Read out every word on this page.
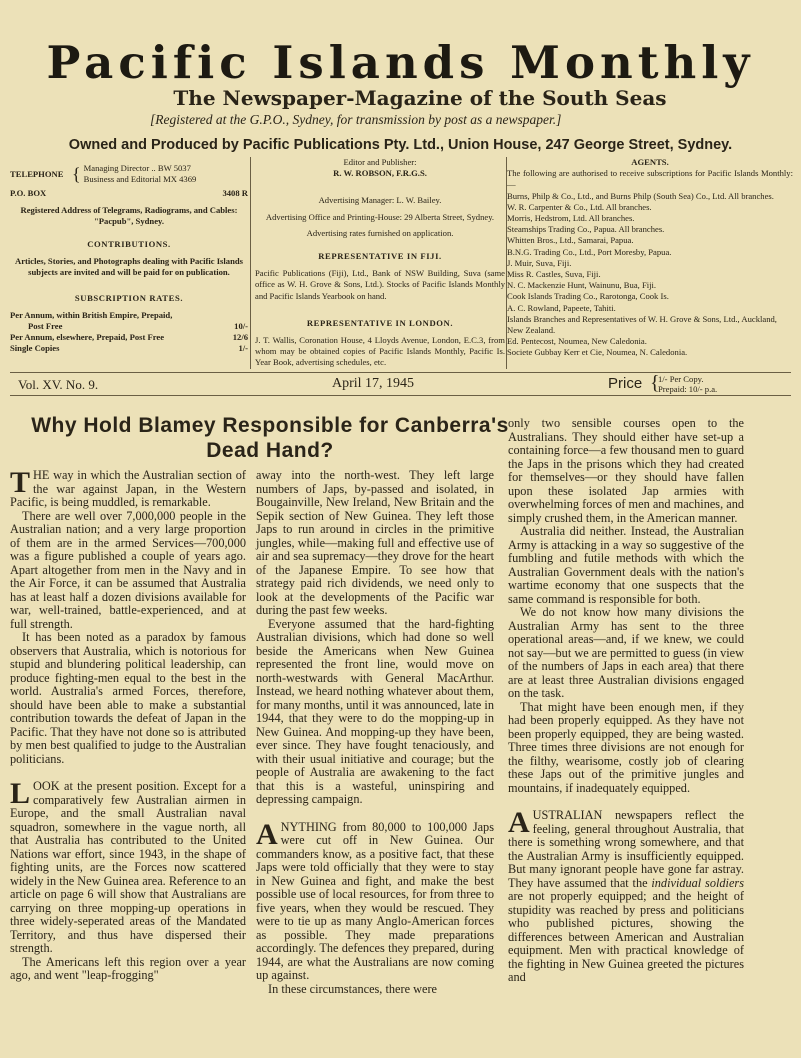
Pacific Islands Monthly
The Newspaper-Magazine of the South Seas
[Registered at the G.P.O., Sydney, for transmission by post as a newspaper.]
Owned and Produced by Pacific Publications Pty. Ltd., Union House, 247 George Street, Sydney.
TELEPHONE { Managing Director .. BW 5037
Business and Editorial MX 4369
P.O. BOX	3408 R
Registered Address of Telegrams, Radiograms, and Cables: "Pacpub", Sydney.
CONTRIBUTIONS.
Articles, Stories, and Photographs dealing with Pacific Islands subjects are invited and will be paid for on publication.
SUBSCRIPTION RATES.
Per Annum, within British Empire, Prepaid,
Post Free	10/-
Per Annum, elsewhere, Prepaid, Post Free	12/6
Single Copies	1/-
Editor and Publisher:
R. W. ROBSON, F.R.G.S.
Advertising Manager: L. W. Bailey.
Advertising Office and Printing-House: 29 Alberta Street, Sydney.
Advertising rates furnished on application.
REPRESENTATIVE IN FIJI.
Pacific Publications (Fiji), Ltd., Bank of NSW Building, Suva (same office as W. H. Grove & Sons, Ltd.). Stocks of Pacific Islands Monthly and Pacific Islands Yearbook on hand.
REPRESENTATIVE IN LONDON.
J. T. Wallis, Coronation House, 4 Lloyds Avenue, London, E.C.3, from whom may be obtained copies of Pacific Islands Monthly, Pacific Is. Year Book, advertising schedules, etc.
AGENTS.
The following are authorised to receive subscriptions for Pacific Islands Monthly:—
Burns, Philp & Co., Ltd., and Burns Philp (South Sea) Co., Ltd. All branches.
W. R. Carpenter & Co., Ltd. All branches.
Morris, Hedstrom, Ltd. All branches.
Steamships Trading Co., Papua. All branches.
Whitten Bros., Ltd., Samarai, Papua.
B.N.G. Trading Co., Ltd., Port Moresby, Papua.
J. Muir, Suva, Fiji.
Miss R. Castles, Suva, Fiji.
N. C. Mackenzie Hunt, Wainunu, Bua, Fiji.
Cook Islands Trading Co., Rarotonga, Cook Is.
A. C. Rowland, Papeete, Tahiti.
Islands Branches and Representatives of W. H. Grove & Sons, Ltd., Auckland, New Zealand.
Ed. Pentecost, Noumea, New Caledonia.
Societe Gubbay Kerr et Cie, Noumea, N. Caledonia.
Vol. XV. No. 9.	April 17, 1945	Price {
1/- Per Copy.
Prepaid: 10/- p.a.
Why Hold Blamey Responsible for Canberra's Dead Hand?

THE way in which the Australian section of the war against Japan, in the Western Pacific, is being muddled, is remarkable.

There are well over 7,000,000 people in the Australian nation; and a very large proportion of them are in the armed Services—700,000 was a figure published a couple of years ago. Apart altogether from men in the Navy and in the Air Force, it can be assumed that Australia has at least half a dozen divisions available for war, well-trained, battle-experienced, and at full strength.

It has been noted as a paradox by famous observers that Australia, which is notorious for stupid and blundering political leadership, can produce fighting-men equal to the best in the world. Australia's armed Forces, therefore, should have been able to make a substantial contribution towards the defeat of Japan in the Pacific. That they have not done so is attributed by men best qualified to judge to the Australian politicians.

LOOK at the present position. Except for a comparatively few Australian airmen in Europe, and the small Australian naval squadron, somewhere in the vague north, all that Australia has contributed to the United Nations war effort, since 1943, in the shape of fighting units, are the Forces now scattered widely in the New Guinea area. Reference to an article on page 6 will show that Australians are carrying on three mopping-up operations in three widely-seperated areas of the Mandated Territory, and thus have dispersed their strength.

The Americans left this region over a year ago, and went "leap-frogging"

away into the north-west. They left large numbers of Japs, by-passed and isolated, in Bougainville, New Ireland, New Britain and the Sepik section of New Guinea. They left those Japs to run around in circles in the primitive jungles, while—making full and effective use of air and sea supremacy—they drove for the heart of the Japanese Empire. To see how that strategy paid rich dividends, we need only to look at the developments of the Pacific war during the past few weeks.

Everyone assumed that the hard-fighting Australian divisions, which had done so well beside the Americans when New Guinea represented the front line, would move on north-westwards with General MacArthur. Instead, we heard nothing whatever about them, for many months, until it was announced, late in 1944, that they were to do the mopping-up in New Guinea. And mopping-up they have been, ever since. They have fought tenaciously, and with their usual initiative and courage; but the people of Australia are awakening to the fact that this is a wasteful, uninspiring and depressing campaign.

ANYTHING from 80,000 to 100,000 Japs were cut off in New Guinea. Our commanders know, as a positive fact, that these Japs were told officially that they were to stay in New Guinea and fight, and make the best possible use of local resources, for from three to five years, when they would be rescued. They were to tie up as many Anglo-American forces as possible. They made preparations accordingly. The defences they prepared, during 1944, are what the Australians are now coming up against.

In these circumstances, there were

only two sensible courses open to the Australians. They should either have set-up a containing force—a few thousand men to guard the Japs in the prisons which they had created for themselves—or they should have fallen upon these isolated Jap armies with overwhelming forces of men and machines, and simply crushed them, in the American manner.

Australia did neither. Instead, the Australian Army is attacking in a way so suggestive of the fumbling and futile methods with which the Australian Government deals with the nation's wartime economy that one suspects that the same command is responsible for both.

We do not know how many divisions the Australian Army has sent to the three operational areas—and, if we knew, we could not say—but we are permitted to guess (in view of the numbers of Japs in each area) that there are at least three Australian divisions engaged on the task.

That might have been enough men, if they had been properly equipped. As they have not been properly equipped, they are being wasted. Three times three divisions are not enough for the filthy, wearisome, costly job of clearing these Japs out of the primitive jungles and mountains, if inadequately equipped.

AUSTRALIAN newspapers reflect the feeling, general throughout Australia, that there is something wrong somewhere, and that the Australian Army is insufficiently equipped. But many ignorant people have gone far astray. They have assumed that the individual soldiers are not properly equipped; and the height of stupidity was reached by press and politicians who published pictures, showing the differences between American and Australian equipment. Men with practical knowledge of the fighting in New Guinea greeted the pictures and
